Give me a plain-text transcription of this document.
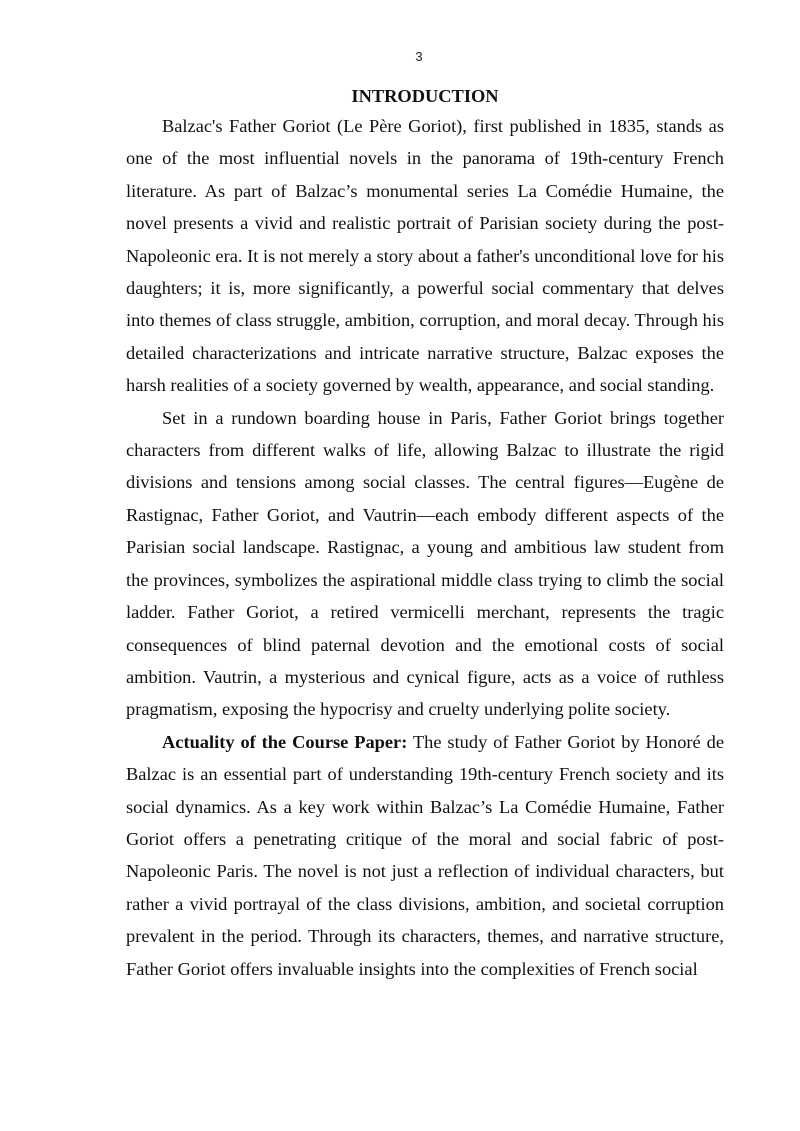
3
INTRODUCTION

Balzac's Father Goriot (Le Père Goriot), first published in 1835, stands as one of the most influential novels in the panorama of 19th-century French literature. As part of Balzac’s monumental series La Comédie Humaine, the novel presents a vivid and realistic portrait of Parisian society during the post-Napoleonic era. It is not merely a story about a father's unconditional love for his daughters; it is, more significantly, a powerful social commentary that delves into themes of class struggle, ambition, corruption, and moral decay. Through his detailed characterizations and intricate narrative structure, Balzac exposes the harsh realities of a society governed by wealth, appearance, and social standing.

Set in a rundown boarding house in Paris, Father Goriot brings together characters from different walks of life, allowing Balzac to illustrate the rigid divisions and tensions among social classes. The central figures—Eugène de Rastignac, Father Goriot, and Vautrin—each embody different aspects of the Parisian social landscape. Rastignac, a young and ambitious law student from the provinces, symbolizes the aspirational middle class trying to climb the social ladder. Father Goriot, a retired vermicelli merchant, represents the tragic consequences of blind paternal devotion and the emotional costs of social ambition. Vautrin, a mysterious and cynical figure, acts as a voice of ruthless pragmatism, exposing the hypocrisy and cruelty underlying polite society.

Actuality of the Course Paper: The study of Father Goriot by Honoré de Balzac is an essential part of understanding 19th-century French society and its social dynamics. As a key work within Balzac’s La Comédie Humaine, Father Goriot offers a penetrating critique of the moral and social fabric of post-Napoleonic Paris. The novel is not just a reflection of individual characters, but rather a vivid portrayal of the class divisions, ambition, and societal corruption prevalent in the period. Through its characters, themes, and narrative structure, Father Goriot offers invaluable insights into the complexities of French social
